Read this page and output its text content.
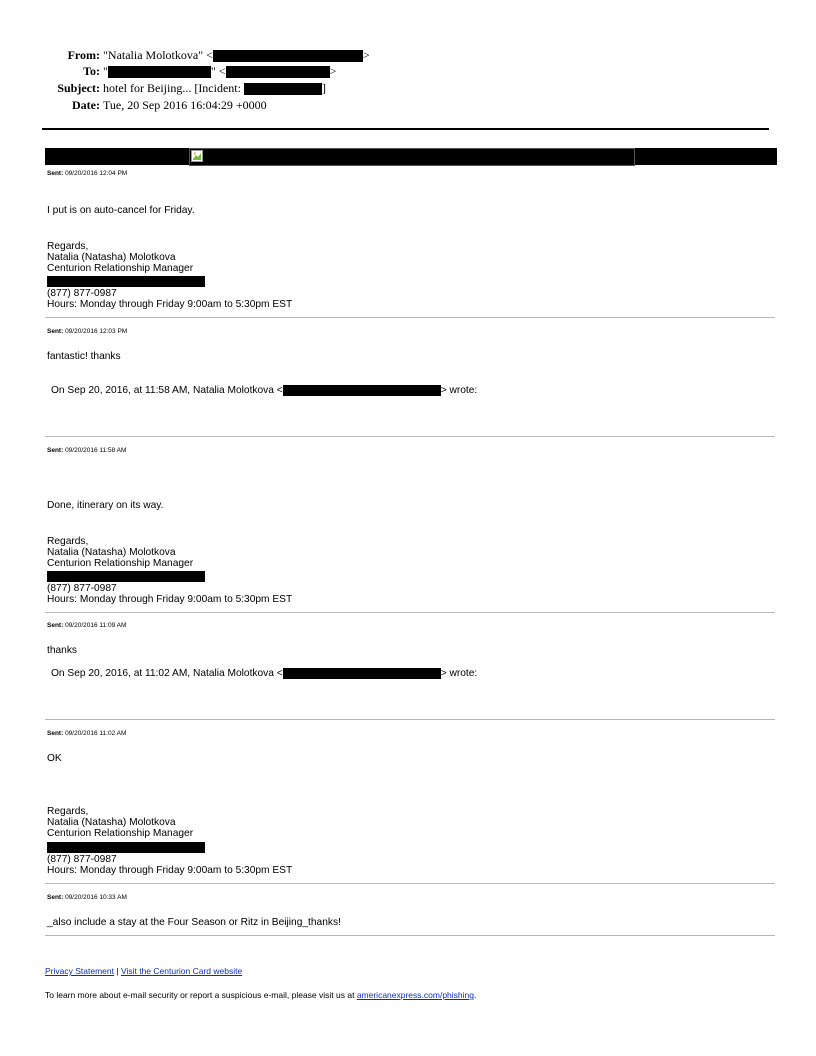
From: "Natalia Molotkova" <	>
To: "	" <	>
Subject: hotel for Beijing... [Incident:	]
Date: Tue, 20 Sep 2016 16:04:29 +0000
Sent: 09/20/2016 12:04 PM
I put is on auto-cancel for Friday.
Regards,
Natalia (Natasha) Molotkova
Centurion Relationship Manager
(877) 877-0987
Hours: Monday through Friday 9:00am to 5:30pm EST
Sent: 09/20/2016 12:03 PM
fantastic! thanks
On Sep 20, 2016, at 11:58 AM, Natalia Molotkova <	> wrote:
Sent: 09/20/2016 11:58 AM
Done, itinerary on its way.
Regards,
Natalia (Natasha) Molotkova
Centurion Relationship Manager
(877) 877-0987
Hours: Monday through Friday 9:00am to 5:30pm EST
Sent: 09/20/2016 11:09 AM
thanks
On Sep 20, 2016, at 11:02 AM, Natalia Molotkova <	> wrote:
Sent: 09/20/2016 11:02 AM
OK
Regards,
Natalia (Natasha) Molotkova
Centurion Relationship Manager
(877) 877-0987
Hours: Monday through Friday 9:00am to 5:30pm EST
Sent: 09/20/2016 10:33 AM
_also include a stay at the Four Season or Ritz in Beijing_thanks!
Privacy Statement | Visit the Centurion Card website
To learn more about e-mail security or report a suspicious e-mail, please visit us at americanexpress.com/phishing.
